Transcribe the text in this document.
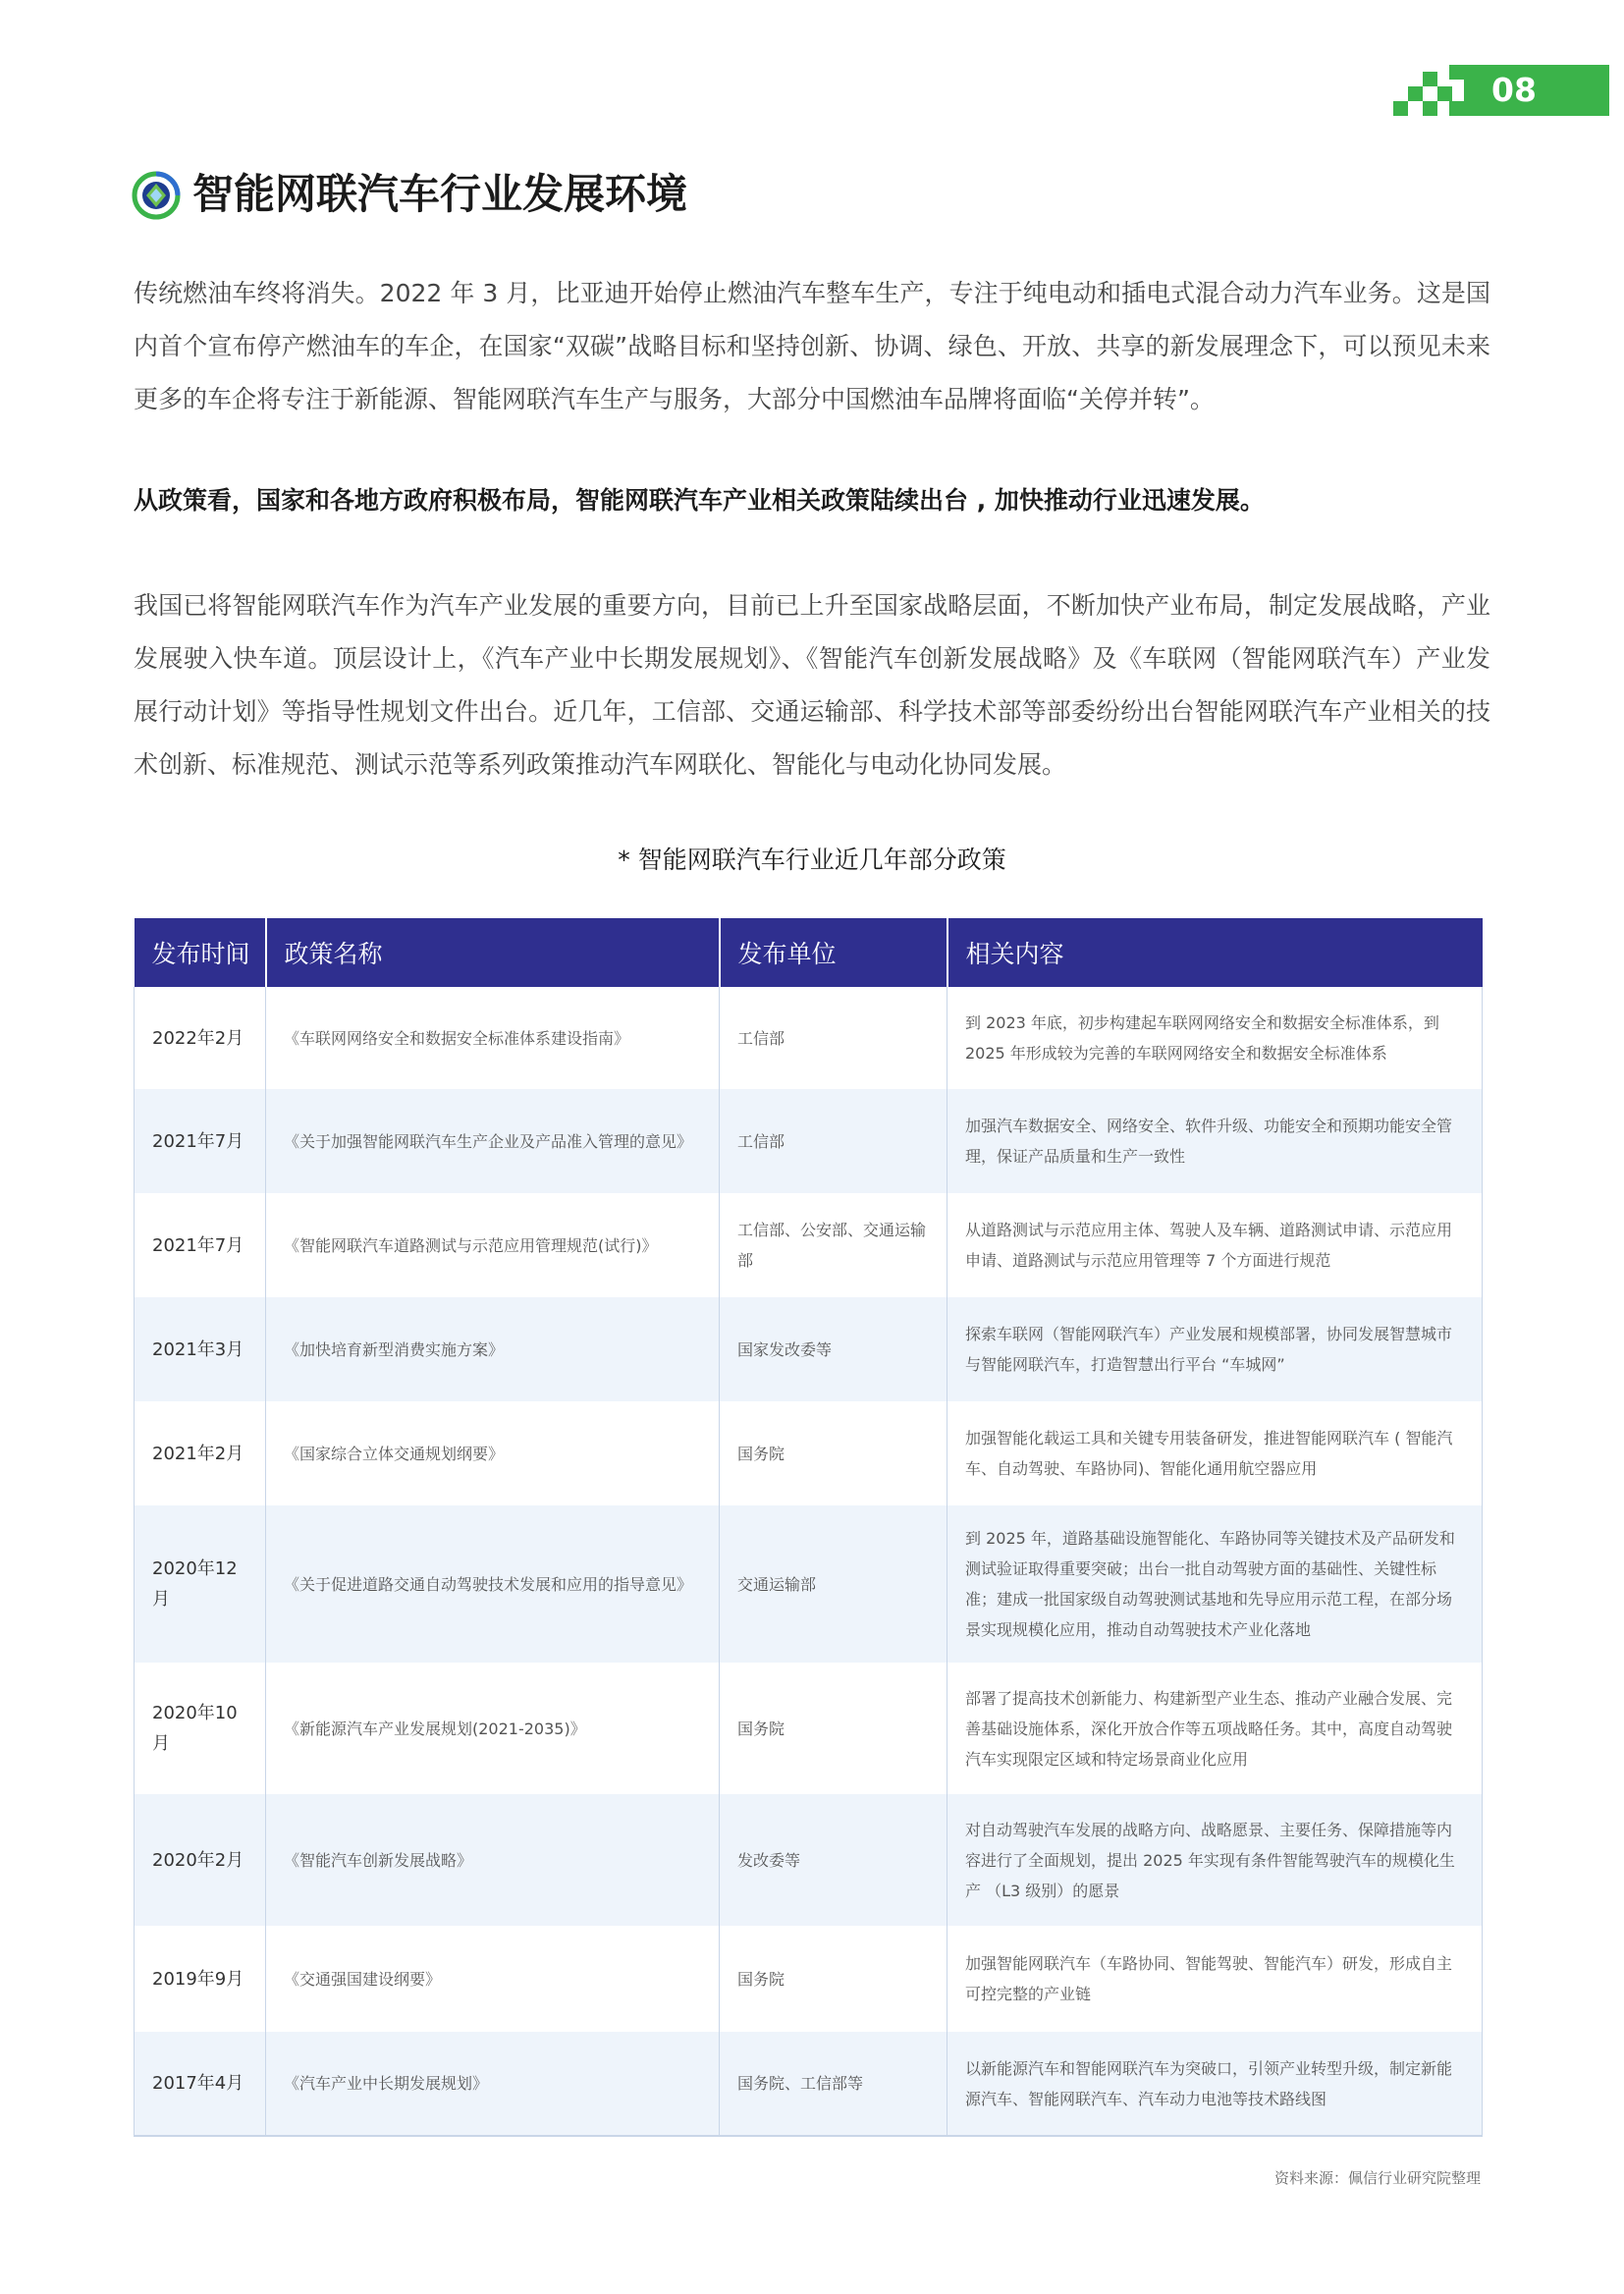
08
智能网联汽车行业发展环境

传统燃油车终将消失。2022 年 3 月，比亚迪开始停止燃油汽车整车生产，专注于纯电动和插电式混合动力汽车业务。这是国内首个宣布停产燃油车的车企，在国家“双碳”战略目标和坚持创新、协调、绿色、开放、共享的新发展理念下，可以预见未来更多的车企将专注于新能源、智能网联汽车生产与服务，大部分中国燃油车品牌将面临“关停并转”。

从政策看，国家和各地方政府积极布局，智能网联汽车产业相关政策陆续出台 , 加快推动行业迅速发展。

我国已将智能网联汽车作为汽车产业发展的重要方向，目前已上升至国家战略层面，不断加快产业布局，制定发展战略，产业发展驶入快车道。顶层设计上，《汽车产业中长期发展规划》、《智能汽车创新发展战略》及《车联网（智能网联汽车）产业发展行动计划》等指导性规划文件出台。近几年，工信部、交通运输部、科学技术部等部委纷纷出台智能网联汽车产业相关的技术创新、标准规范、测试示范等系列政策推动汽车网联化、智能化与电动化协同发展。

* 智能网联汽车行业近几年部分政策
发布时间	政策名称	发布单位	相关内容
2022年2月	《车联网网络安全和数据安全标准体系建设指南》	工信部	到 2023 年底，初步构建起车联网网络安全和数据安全标准体系，到 2025 年形成较为完善的车联网网络安全和数据安全标准体系
2021年7月	《关于加强智能网联汽车生产企业及产品准入管理的意见》	工信部	加强汽车数据安全、网络安全、软件升级、功能安全和预期功能安全管理，保证产品质量和生产一致性
2021年7月	《智能网联汽车道路测试与示范应用管理规范(试行)》	工信部、公安部、交通运输部	从道路测试与示范应用主体、驾驶人及车辆、道路测试申请、示范应用申请、道路测试与示范应用管理等 7 个方面进行规范
2021年3月	《加快培育新型消费实施方案》	国家发改委等	探索车联网（智能网联汽车）产业发展和规模部署，协同发展智慧城市与智能网联汽车，打造智慧出行平台 “车城网”
2021年2月	《国家综合立体交通规划纲要》	国务院	加强智能化载运工具和关键专用装备研发，推进智能网联汽车 ( 智能汽车、自动驾驶、车路协同)、智能化通用航空器应用
2020年12月	《关于促进道路交通自动驾驶技术发展和应用的指导意见》	交通运输部	到 2025 年，道路基础设施智能化、车路协同等关键技术及产品研发和测试验证取得重要突破；出台一批自动驾驶方面的基础性、关键性标准；建成一批国家级自动驾驶测试基地和先导应用示范工程，在部分场景实现规模化应用，推动自动驾驶技术产业化落地
2020年10月	《新能源汽车产业发展规划(2021-2035)》	国务院	部署了提高技术创新能力、构建新型产业生态、推动产业融合发展、完善基础设施体系，深化开放合作等五项战略任务。其中，高度自动驾驶汽车实现限定区域和特定场景商业化应用
2020年2月	《智能汽车创新发展战略》	发改委等	对自动驾驶汽车发展的战略方向、战略愿景、主要任务、保障措施等内容进行了全面规划，提出 2025 年实现有条件智能驾驶汽车的规模化生产 （L3 级别）的愿景
2019年9月	《交通强国建设纲要》	国务院	加强智能网联汽车（车路协同、智能驾驶、智能汽车）研发，形成自主可控完整的产业链
2017年4月	《汽车产业中长期发展规划》	国务院、工信部等	以新能源汽车和智能网联汽车为突破口，引领产业转型升级，制定新能源汽车、智能网联汽车、汽车动力电池等技术路线图
资料来源：佩信行业研究院整理
